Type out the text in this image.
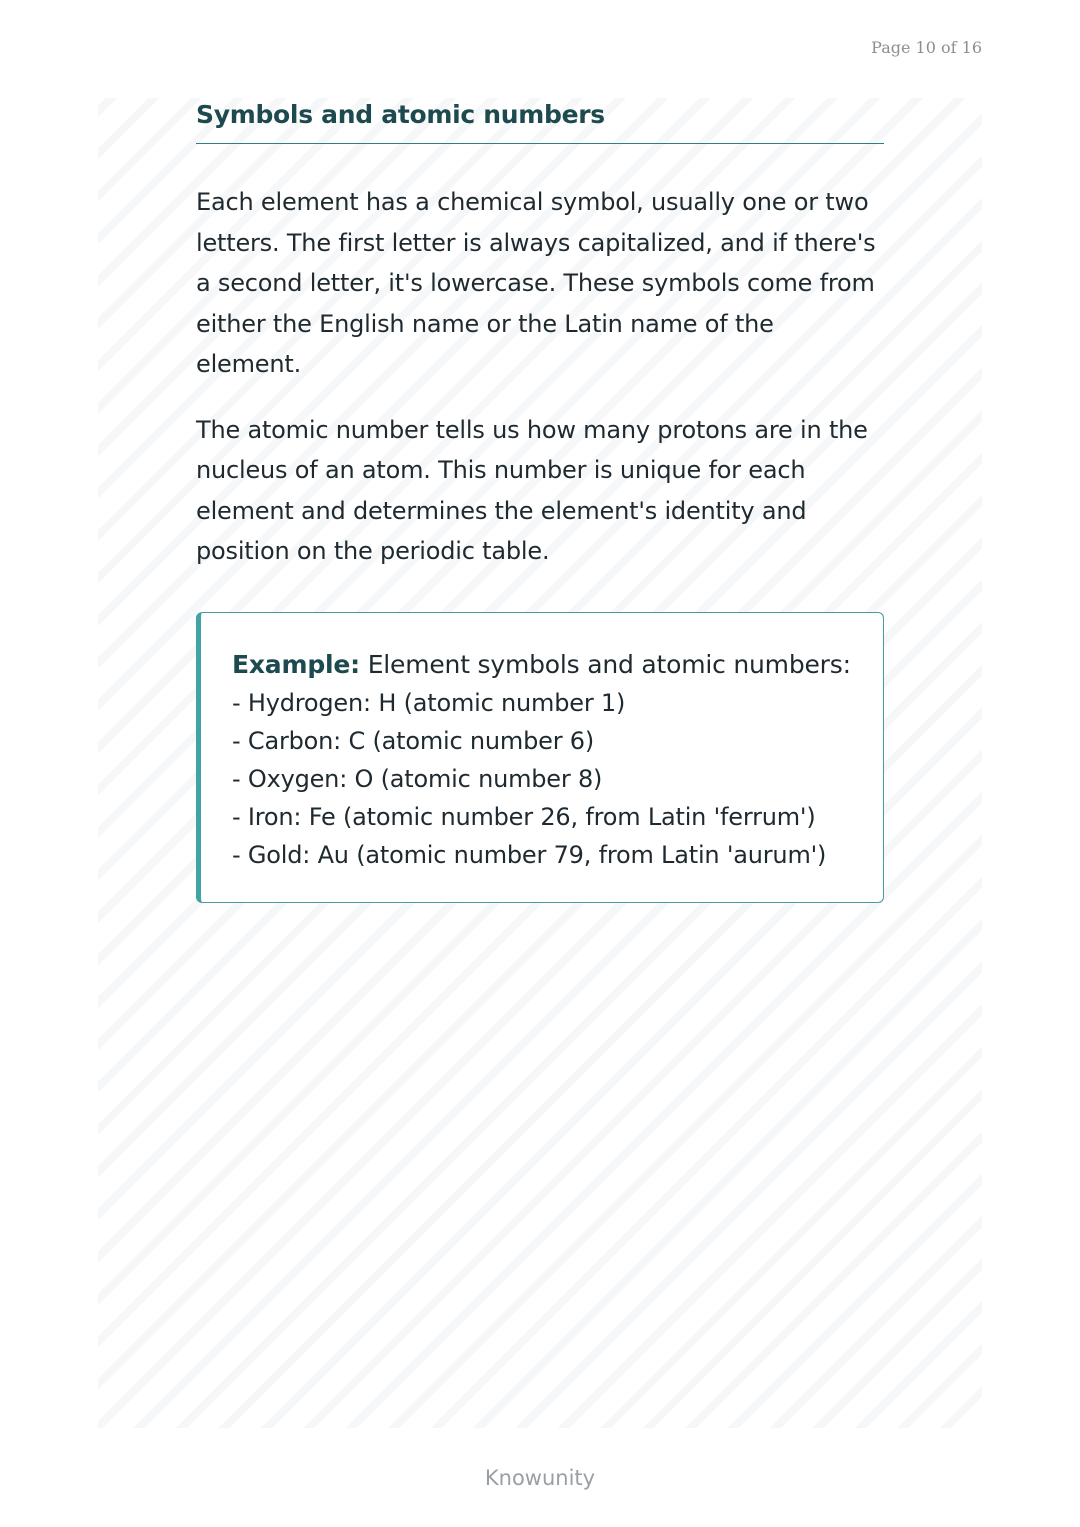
Page 10 of 16
Symbols and atomic numbers

Each element has a chemical symbol, usually one or two letters. The first letter is always capitalized, and if there's a second letter, it's lowercase. These symbols come from either the English name or the Latin name of the element.

The atomic number tells us how many protons are in the nucleus of an atom. This number is unique for each element and determines the element's identity and position on the periodic table.

Example: Element symbols and atomic numbers:

- Hydrogen: H (atomic number 1)
- Carbon: C (atomic number 6)
- Oxygen: O (atomic number 8)
- Iron: Fe (atomic number 26, from Latin 'ferrum')
- Gold: Au (atomic number 79, from Latin 'aurum')
Knowunity
